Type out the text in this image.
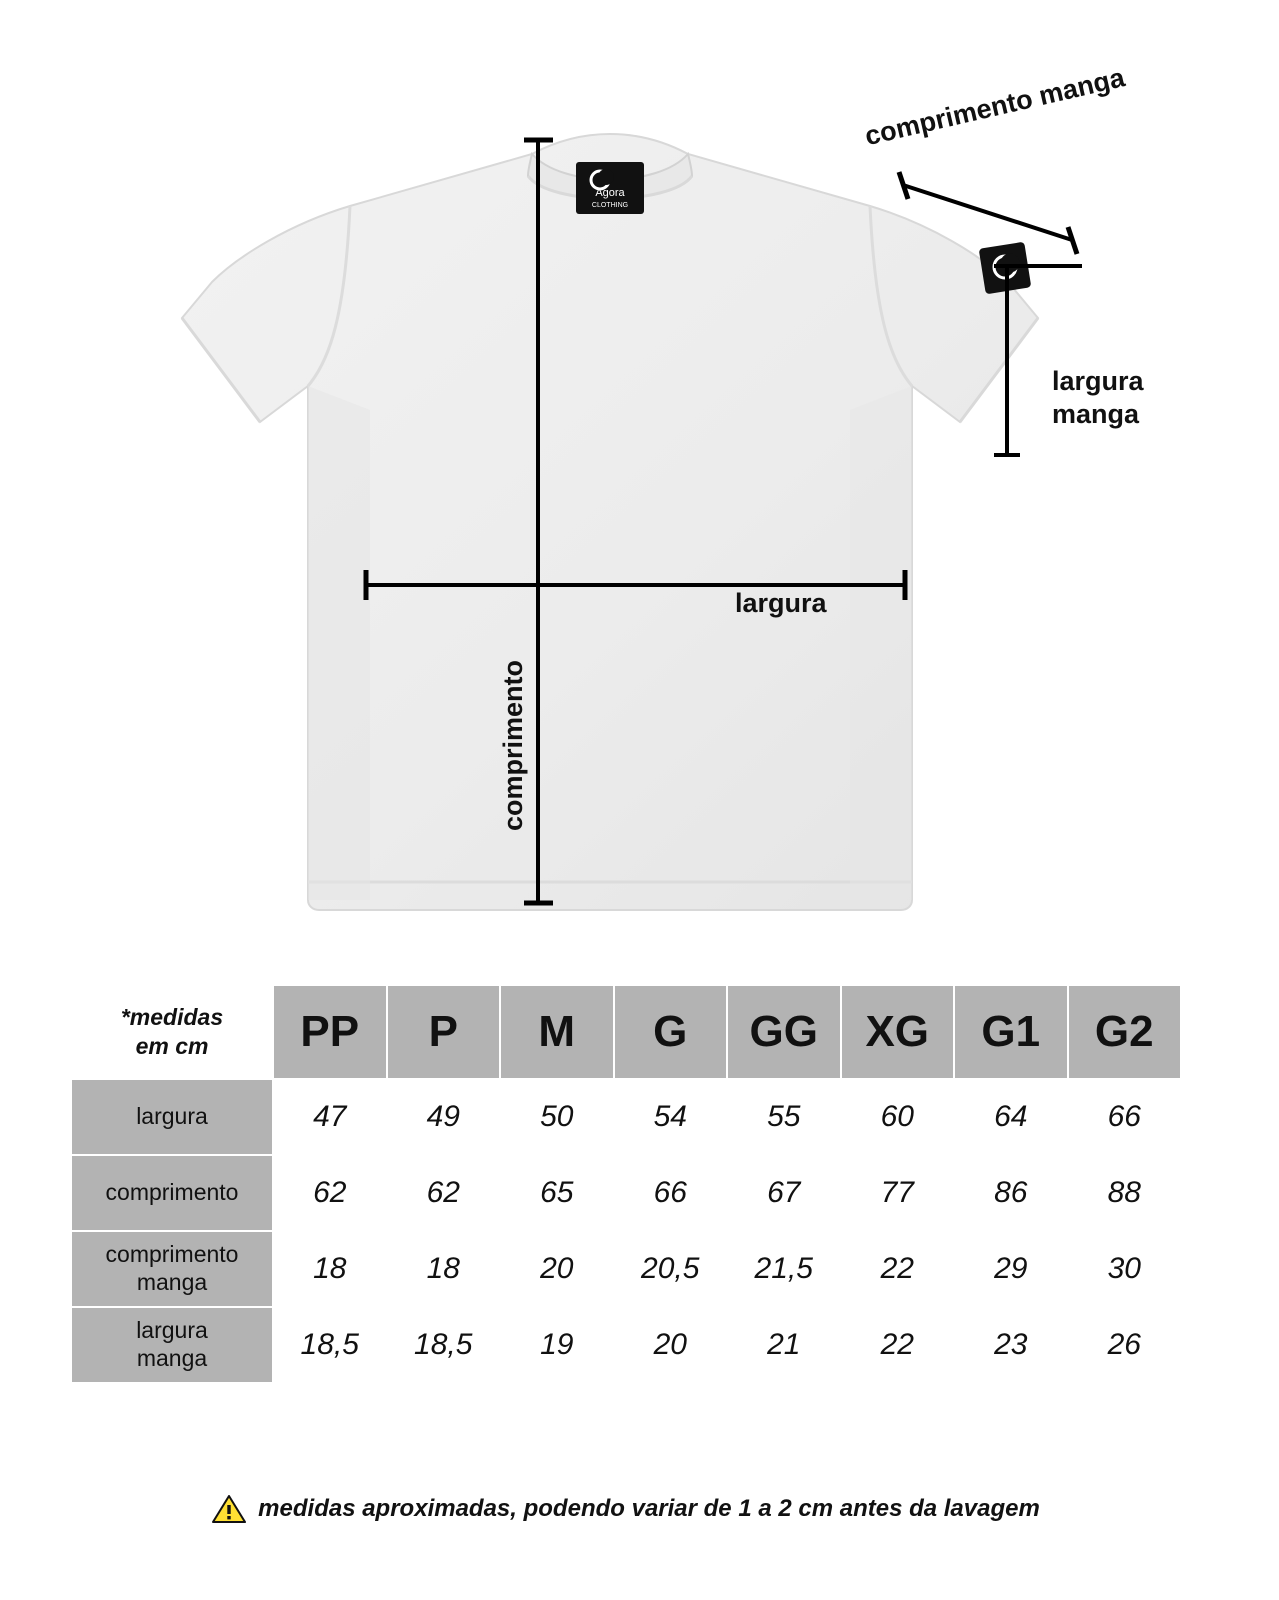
Agora
CLOTHING
largura
comprimento
comprimento manga
largura
manga
*medidas
em cm	PP	P	M	G	GG	XG	G1	G2

largura	47	49	50	54	55	60	64	66

comprimento	62	62	65	66	67	77	86	88

comprimento
manga	18	18	20	20,5	21,5	22	29	30

largura
manga	18,5	18,5	19	20	21	22	23	26
medidas aproximadas, podendo variar de 1 a 2 cm antes da lavagem
